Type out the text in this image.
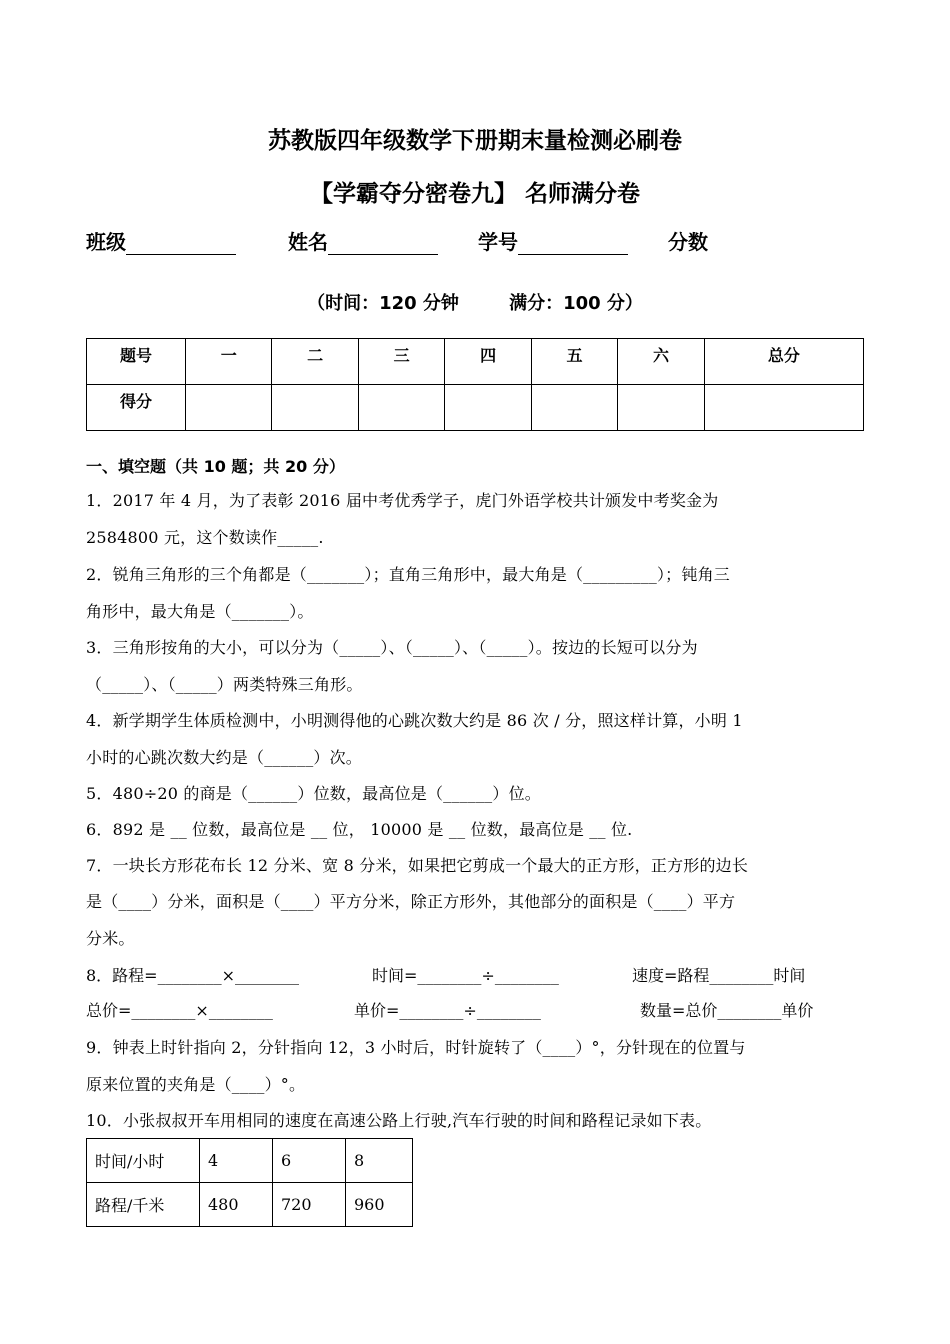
苏教版四年级数学下册期末量检测必刷卷
【学霸夺分密卷九】 名师满分卷
班级	姓名	学号	分数
（时间：120 分钟        满分：100 分）
题号	一	二	三	四	五	六	总分
得分							
一、填空题（共 10 题；共 20 分）
1．2017 年 4 月，为了表彰 2016 届中考优秀学子，虎门外语学校共计颁发中考奖金为
2584800 元，这个数读作_____.
2．锐角三角形的三个角都是（_______）；直角三角形中，最大角是（_________）；钝角三
角形中，最大角是（_______）。
3．三角形按角的大小，可以分为（_____）、（_____）、（_____）。按边的长短可以分为
（_____）、（_____）两类特殊三角形。
4．新学期学生体质检测中，小明测得他的心跳次数大约是 86 次 / 分，照这样计算，小明 1
小时的心跳次数大约是（______）次。
5．480÷20 的商是（______）位数，最高位是（______）位。
6．892 是 __ 位数，最高位是 __ 位， 10000 是 __ 位数，最高位是 __ 位.
7．一块长方形花布长 12 分米、宽 8 分米，如果把它剪成一个最大的正方形，正方形的边长
是（____）分米，面积是（____）平方分米，除正方形外，其他部分的面积是（____）平方
分米。
8．路程=________×________	时间=________÷________	速度=路程________时间
总价=________×________	单价=________÷________	数量=总价________单价
9．钟表上时针指向 2，分针指向 12，3 小时后，时针旋转了（____）°，分针现在的位置与
原来位置的夹角是（____）°。
10．小张叔叔开车用相同的速度在高速公路上行驶,汽车行驶的时间和路程记录如下表。
时间/小时	4	6	8
路程/千米	480	720	960
